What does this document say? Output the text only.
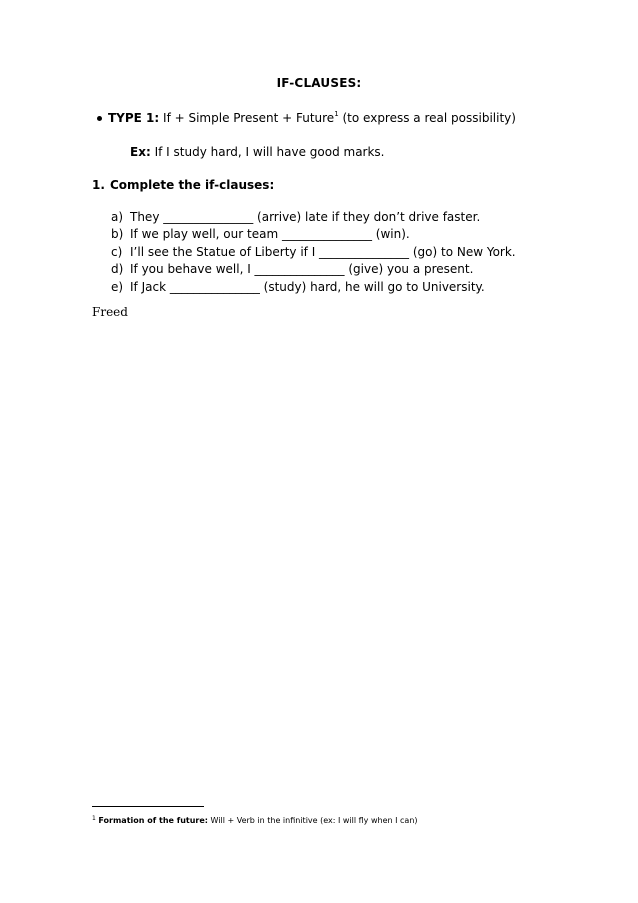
IF-CLAUSES:
TYPE 1: If + Simple Present + Future$^1$ (to express a real possibility)
Ex: If I study hard, I will have good marks.
1. Complete the if-clauses:
a) They _______________ (arrive) late if they don’t drive faster.
b) If we play well, our team _______________ (win).
c) I’ll see the Statue of Liberty if I _______________ (go) to New York.
d) If you behave well, I _______________ (give) you a present.
e) If Jack _______________ (study) hard, he will go to University.
Freed
$^1$ Formation of the future: Will + Verb in the infinitive (ex: I will fly when I can)
